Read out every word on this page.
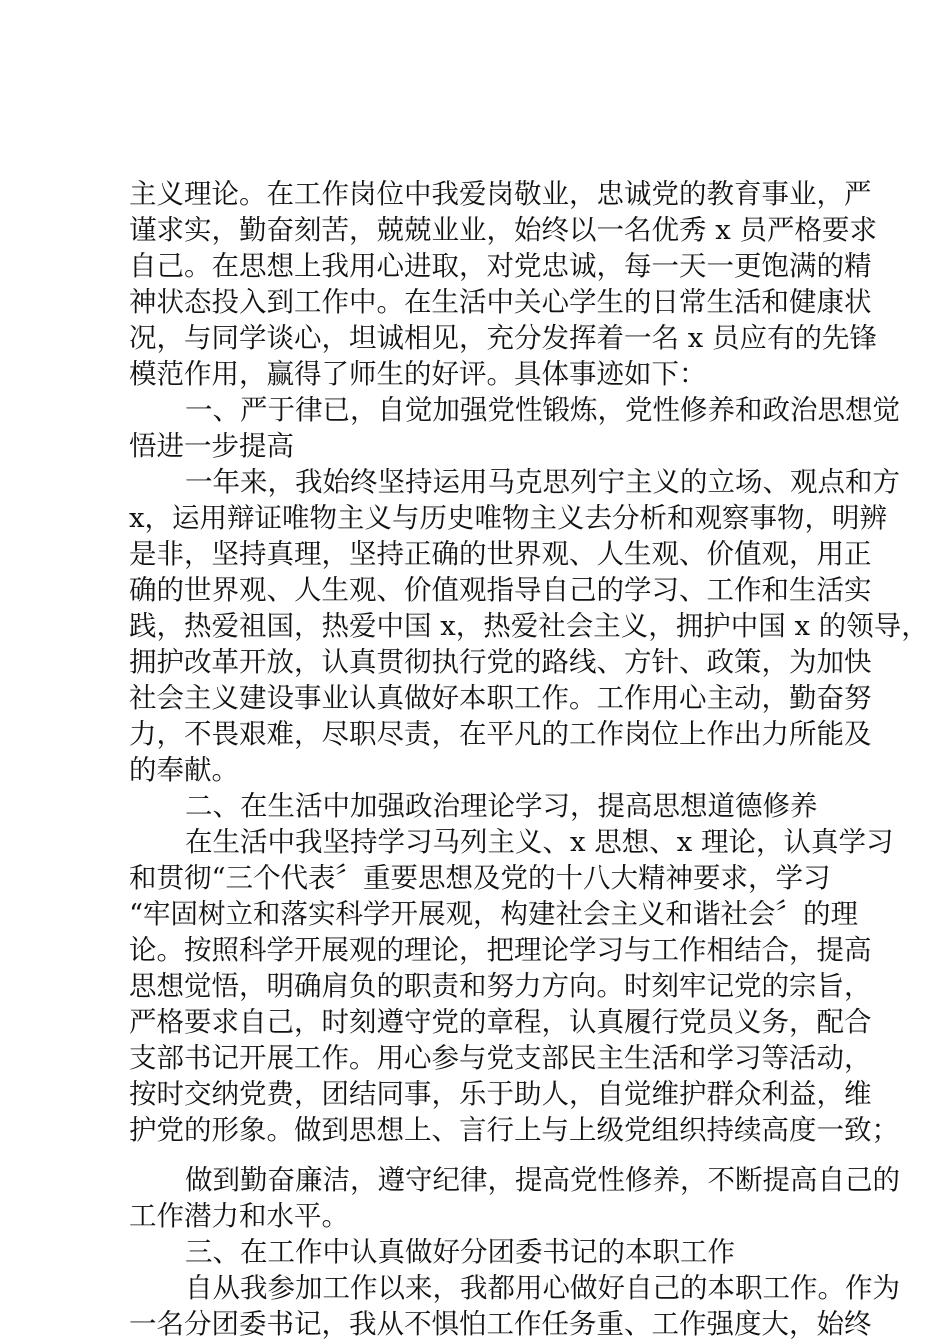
主义理论。在工作岗位中我爱岗敬业，忠诚党的教育事业，严
谨求实，勤奋刻苦，兢兢业业，始终以一名优秀 x 员严格要求
自己。在思想上我用心进取，对党忠诚，每一天一更饱满的精
神状态投入到工作中。在生活中关心学生的日常生活和健康状
况，与同学谈心，坦诚相见，充分发挥着一名 x 员应有的先锋
模范作用，赢得了师生的好评。具体事迹如下：
一、严于律已，自觉加强党性锻炼，党性修养和政治思想觉
悟进一步提高
一年来，我始终坚持运用马克思列宁主义的立场、观点和方
x，运用辩证唯物主义与历史唯物主义去分析和观察事物，明辨
是非，坚持真理，坚持正确的世界观、人生观、价值观，用正
确的世界观、人生观、价值观指导自己的学习、工作和生活实
践，热爱祖国，热爱中国 x，热爱社会主义，拥护中国 x 的领导，
拥护改革开放，认真贯彻执行党的路线、方针、政策，为加快
社会主义建设事业认真做好本职工作。工作用心主动，勤奋努
力，不畏艰难，尽职尽责，在平凡的工作岗位上作出力所能及
的奉献。
二、在生活中加强政治理论学习，提高思想道德修养
在生活中我坚持学习马列主义、x 思想、x 理论，认真学习
和贯彻“三个代表〞重要思想及党的十八大精神要求，学习
“牢固树立和落实科学开展观，构建社会主义和谐社会〞的理
论。按照科学开展观的理论，把理论学习与工作相结合，提高
思想觉悟，明确肩负的职责和努力方向。时刻牢记党的宗旨，
严格要求自己，时刻遵守党的章程，认真履行党员义务，配合
支部书记开展工作。用心参与党支部民主生活和学习等活动，
按时交纳党费，团结同事，乐于助人，自觉维护群众利益，维
护党的形象。做到思想上、言行上与上级党组织持续高度一致；
做到勤奋廉洁，遵守纪律，提高党性修养，不断提高自己的
工作潜力和水平。
三、在工作中认真做好分团委书记的本职工作
自从我参加工作以来，我都用心做好自己的本职工作。作为
一名分团委书记，我从不惧怕工作任务重、工作强度大，始终
